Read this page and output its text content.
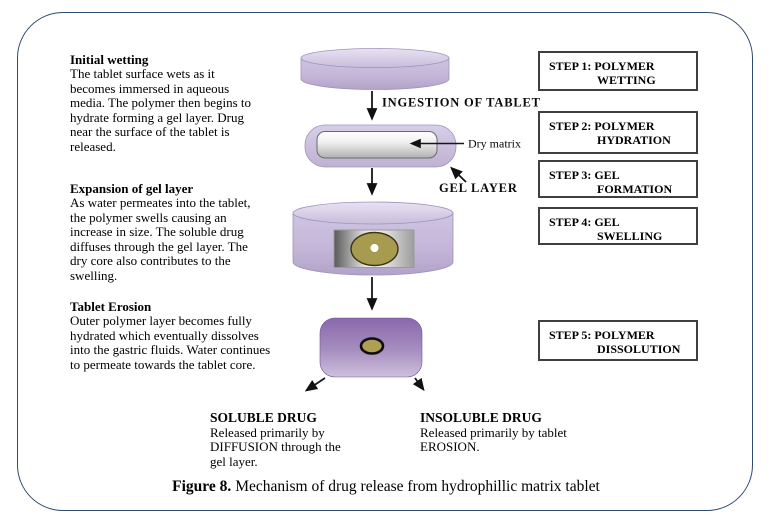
Initial wetting
The tablet surface wets as it
becomes immersed in aqueous
media. The polymer then begins to
hydrate forming a gel layer. Drug
near the surface of the tablet is
released.
Expansion of gel layer
As water permeates into the tablet,
the polymer swells causing an
increase in size. The soluble drug
diffuses through the gel layer. The
dry core also contributes to the
swelling.
Tablet Erosion
Outer polymer layer becomes fully
hydrated which eventually dissolves
into the gastric fluids. Water continues
to permeate towards the tablet core.
INGESTION OF TABLET
Dry matrix
GEL LAYER
STEP 1: POLYMER
WETTING
STEP 2: POLYMER
HYDRATION
STEP 3: GEL
FORMATION
STEP 4: GEL
SWELLING
STEP 5: POLYMER
DISSOLUTION
SOLUBLE DRUG
Released primarily by
DIFFUSION through the
gel layer.
INSOLUBLE DRUG
Released primarily by tablet
EROSION.
Figure 8. Mechanism of drug release from hydrophillic matrix tablet
